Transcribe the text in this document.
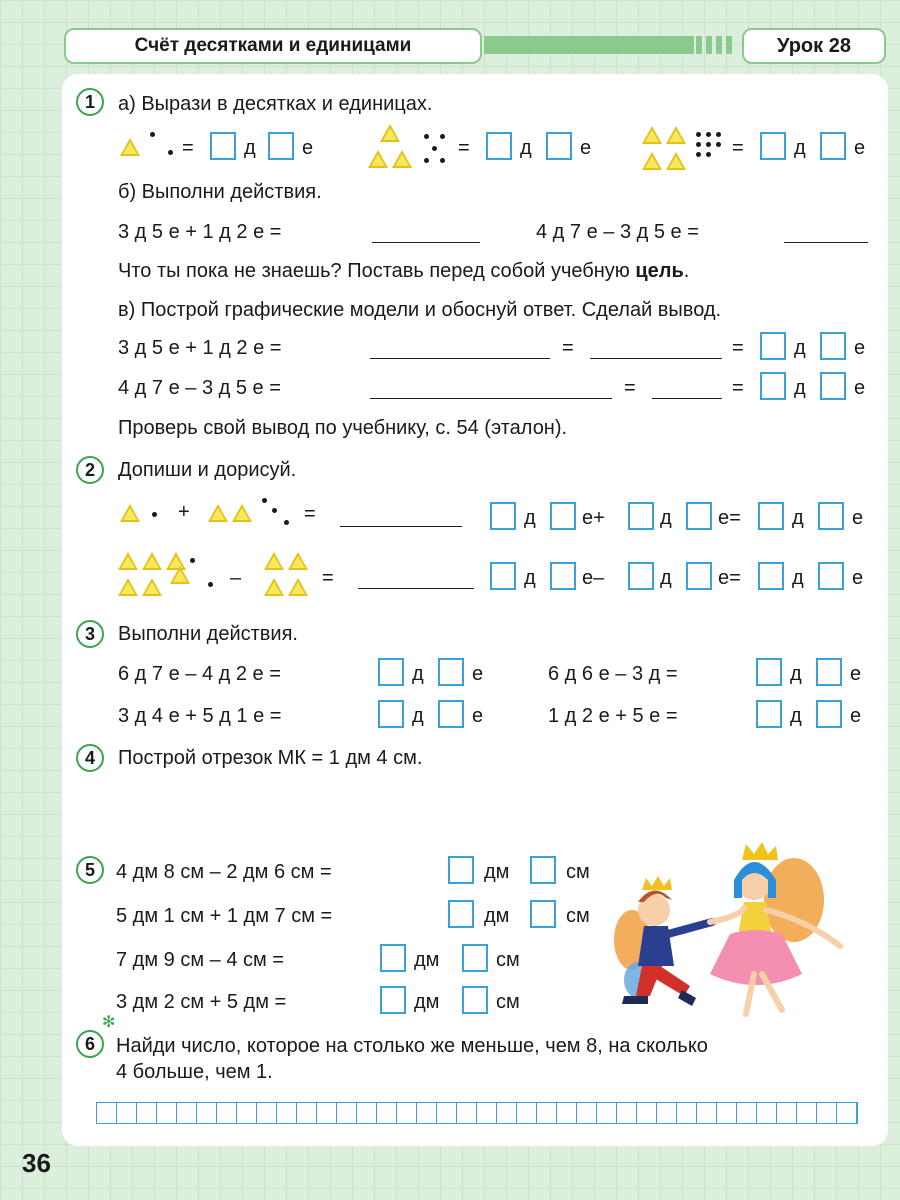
Счёт десятками и единицами	Урок 28
1	а) Вырази в десятках и единицах.
=	д е	=	д е	=	д е
б) Выполни действия.
3 д 5 е + 1 д 2 е =	4 д 7 е – 3 д 5 е =
Что ты пока не знаешь? Поставь перед собой учебную цель.
в) Построй графические модели и обоснуй ответ. Сделай вывод.
3 д 5 е + 1 д 2 е =	=	=	д е
4 д 7 е – 3 д 5 е =	=	=	д е
Проверь свой вывод по учебнику, с. 54 (эталон).
2	Допиши и дорисуй.
+	=	д е+	д е=	д е
–	=	д е–	д е=	д е
3	Выполни действия.
6 д 7 е – 4 д 2 е =	д е	6 д 6 е – 3 д =	д е
3 д 4 е + 5 д 1 е =	д е	1 д 2 е + 5 е =	д е
4	Построй отрезок МК = 1 дм 4 см.
5	4 дм 8 см – 2 дм 6 см =	дм	см
5 дм 1 см + 1 дм 7 см =	дм	см
7 дм 9 см – 4 см =	дм	см
3 дм 2 см + 5 дм =	дм	см
✻
6	Найди число, которое на столько же меньше, чем 8, на сколько
4 больше, чем 1.
36
